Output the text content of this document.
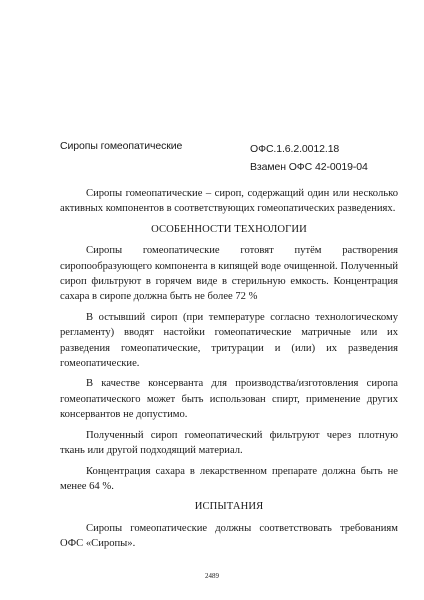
Сиропы гомеопатические	ОФС.1.6.2.0012.18
Взамен ОФС 42-0019-04

Сиропы гомеопатические – сироп, содержащий один или несколько активных компонентов в соответствующих гомеопатических разведениях.

ОСОБЕННОСТИ ТЕХНОЛОГИИ

Сиропы гомеопатические готовят путём растворения сиропообразующего компонента в кипящей воде очищенной. Полученный сироп фильтруют в горячем виде в стерильную емкость. Концентрация сахара в сиропе должна быть не более 72 %

В остывший сироп (при температуре согласно технологическому регламенту) вводят настойки гомеопатические матричные или их разведения гомеопатические, тритурации и (или) их разведения гомеопатические.

В качестве консерванта для производства/изготовления сиропа гомеопатического может быть использован спирт, применение других консервантов не допустимо.

Полученный сироп гомеопатический фильтруют через плотную ткань или другой подходящий материал.

Концентрация сахара в лекарственном препарате должна быть не менее 64 %.

ИСПЫТАНИЯ

Сиропы гомеопатические должны соответствовать требованиям ОФС «Сиропы».

2489
